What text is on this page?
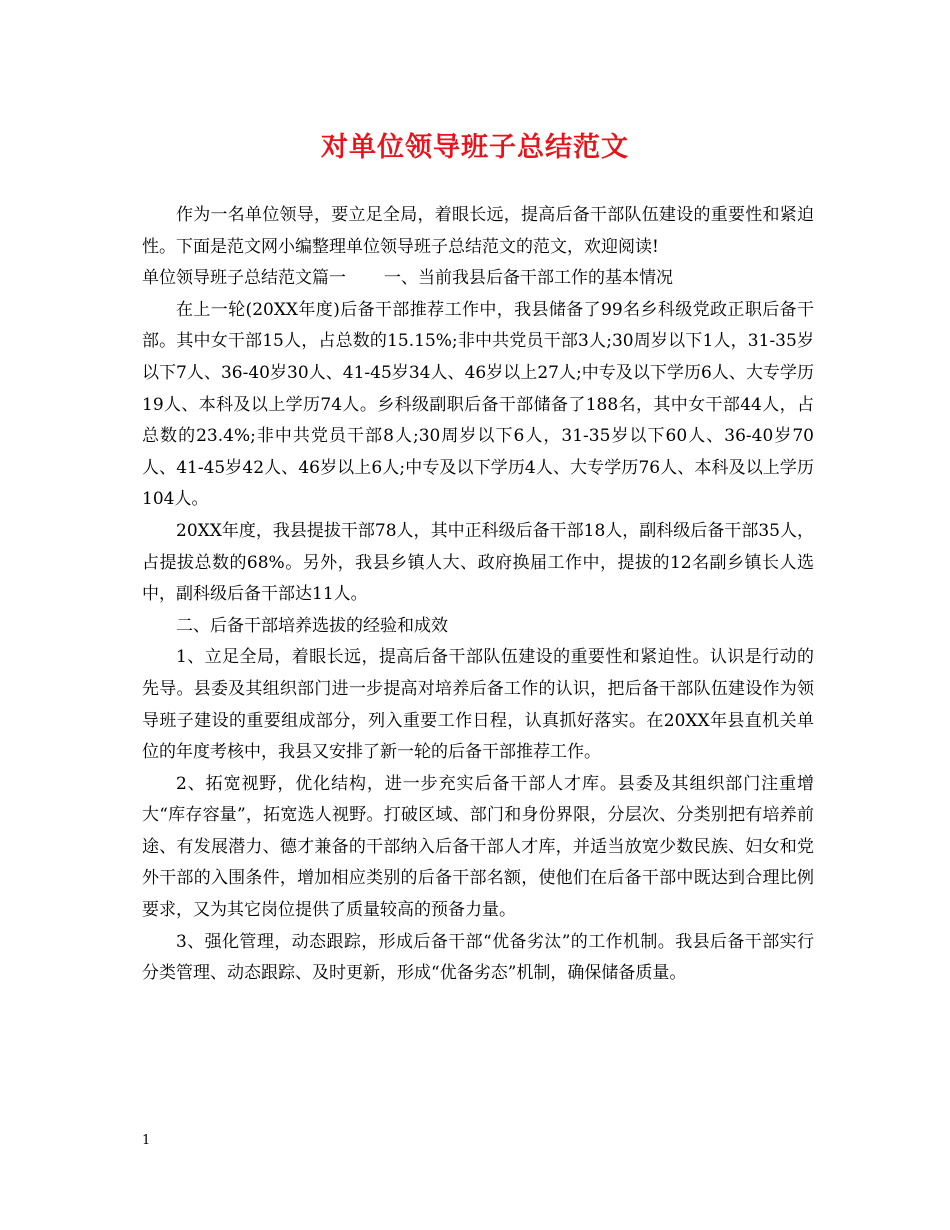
对单位领导班子总结范文

作为一名单位领导，要立足全局，着眼长远，提高后备干部队伍建设的重要性和紧迫性。下面是范文网小编整理单位领导班子总结范文的范文，欢迎阅读!

单位领导班子总结范文篇一 一、当前我县后备干部工作的基本情况

在上一轮(20XX年度)后备干部推荐工作中，我县储备了99名乡科级党政正职后备干部。其中女干部15人，占总数的15.15%;非中共党员干部3人;30周岁以下1人，31-35岁以下7人、36-40岁30人、41-45岁34人、46岁以上27人;中专及以下学历6人、大专学历19人、本科及以上学历74人。乡科级副职后备干部储备了188名，其中女干部44人，占总数的23.4%;非中共党员干部8人;30周岁以下6人，31-35岁以下60人、36-40岁70人、41-45岁42人、46岁以上6人;中专及以下学历4人、大专学历76人、本科及以上学历104人。

20XX年度，我县提拔干部78人，其中正科级后备干部18人，副科级后备干部35人，占提拔总数的68%。另外，我县乡镇人大、政府换届工作中，提拔的12名副乡镇长人选中，副科级后备干部达11人。

二、后备干部培养选拔的经验和成效

1、立足全局，着眼长远，提高后备干部队伍建设的重要性和紧迫性。认识是行动的先导。县委及其组织部门进一步提高对培养后备工作的认识，把后备干部队伍建设作为领导班子建设的重要组成部分，列入重要工作日程，认真抓好落实。在20XX年县直机关单位的年度考核中，我县又安排了新一轮的后备干部推荐工作。

2、拓宽视野，优化结构，进一步充实后备干部人才库。县委及其组织部门注重增大“库存容量”，拓宽选人视野。打破区域、部门和身份界限，分层次、分类别把有培养前途、有发展潜力、德才兼备的干部纳入后备干部人才库，并适当放宽少数民族、妇女和党外干部的入围条件，增加相应类别的后备干部名额，使他们在后备干部中既达到合理比例要求，又为其它岗位提供了质量较高的预备力量。

3、强化管理，动态跟踪，形成后备干部“优备劣汰”的工作机制。我县后备干部实行分类管理、动态跟踪、及时更新，形成“优备劣态”机制，确保储备质量。

1
